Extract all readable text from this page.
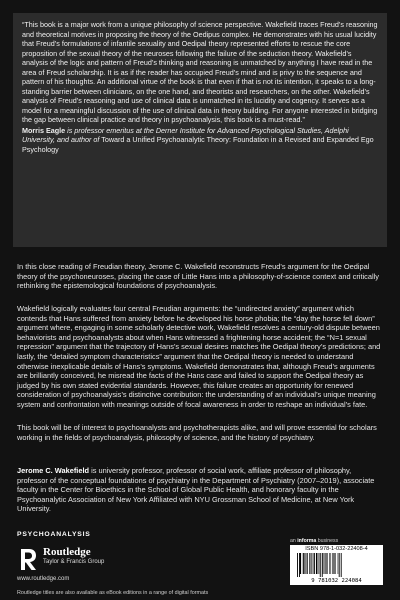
“This book is a major work from a unique philosophy of science perspective. Wakefield traces Freud’s reasoning and theoretical motives in proposing the theory of the Oedipus complex. He demonstrates with his usual lucidity that Freud’s formulations of infantile sexuality and Oedipal theory represented efforts to rescue the core proposition of the sexual theory of the neuroses following the failure of the seduction theory. Wakefield’s analysis of the logic and pattern of Freud’s thinking and reasoning is unmatched by anything I have read in the area of Freud scholarship. It is as if the reader has occupied Freud’s mind and is privy to the sequence and pattern of his thoughts. An additional virtue of the book is that even if that is not its intention, it speaks to a long-standing barrier between clinicians, on the one hand, and theorists and researchers, on the other. Wakefield’s analysis of Freud’s reasoning and use of clinical data is unmatched in its lucidity and cogency. It serves as a model for a meaningful discussion of the use of clinical data in theory building. For anyone interested in bridging the gap between clinical practice and theory in psychoanalysis, this book is a must-read.”

Morris Eagle is professor emeritus at the Derner Institute for Advanced Psychological Studies, Adelphi University, and author of Toward a Unified Psychoanalytic Theory: Foundation in a Revised and Expanded Ego Psychology

In this close reading of Freudian theory, Jerome C. Wakefield reconstructs Freud’s argument for the Oedipal theory of the psychoneuroses, placing the case of Little Hans into a philosophy-of-science context and critically rethinking the epistemological foundations of psychoanalysis.

Wakefield logically evaluates four central Freudian arguments: the “undirected anxiety” argument which contends that Hans suffered from anxiety before he developed his horse phobia; the “day the horse fell down” argument where, engaging in some scholarly detective work, Wakefield resolves a century-old dispute between behaviorists and psychoanalysts about when Hans witnessed a frightening horse accident; the “N=1 sexual repression” argument that the trajectory of Hans’s sexual desires matches the Oedipal theory’s predictions; and lastly, the “detailed symptom characteristics” argument that the Oedipal theory is needed to understand otherwise inexplicable details of Hans’s symptoms. Wakefield demonstrates that, although Freud’s arguments are brilliantly conceived, he misread the facts of the Hans case and failed to support the Oedipal theory as judged by his own stated evidential standards. However, this failure creates an opportunity for renewed consideration of psychoanalysis’s distinctive contribution: the understanding of an individual’s unique meaning system and confrontation with meanings outside of focal awareness in order to reshape an individual’s fate.

This book will be of interest to psychoanalysts and psychotherapists alike, and will prove essential for scholars working in the fields of psychoanalysis, philosophy of science, and the history of psychiatry.

Jerome C. Wakefield is university professor, professor of social work, affiliate professor of philosophy, professor of the conceptual foundations of psychiatry in the Department of Psychiatry (2007–2019), associate faculty in the Center for Bioethics in the School of Global Public Health, and honorary faculty in the Psychoanalytic Association of New York Affiliated with NYU Grossman School of Medicine, at New York University.

PSYCHOANALYSIS
Routledge
Taylor & Francis Group
www.routledge.com
an informa business
ISBN 978-1-032-22408-4
9 781032 224084
Routledge titles are also available as eBook editions in a range of digital formats
